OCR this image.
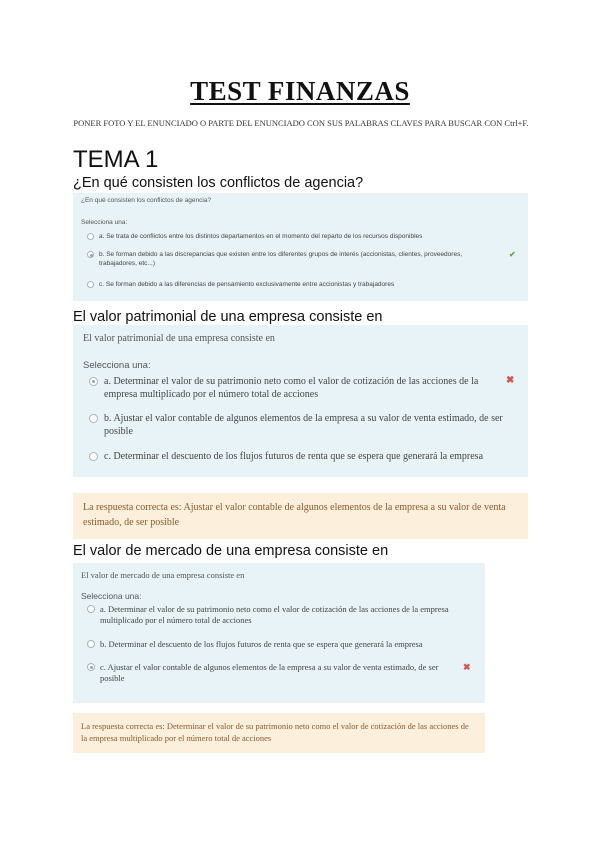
TEST FINANZAS
PONER FOTO Y EL ENUNCIADO O PARTE DEL ENUNCIADO CON SUS PALABRAS CLAVES PARA BUSCAR CON Ctrl+F.
TEMA 1
¿En qué consisten los conflictos de agencia?
¿En qué consisten los conflictos de agencia?
Selecciona una:
a. Se trata de conflictos entre los distintos departamentos en el momento del reparto de los recursos disponibles
b. Se forman debido a las discrepancias que existen entre los diferentes grupos de interés (accionistas, clientes, proveedores, trabajadores, etc...)
✔
c. Se forman debido a las diferencias de pensamiento exclusivamente entre accionistas y trabajadores
El valor patrimonial de una empresa consiste en
El valor patrimonial de una empresa consiste en
Selecciona una:
a. Determinar el valor de su patrimonio neto como el valor de cotización de las acciones de la empresa multiplicado por el número total de acciones
✖
b. Ajustar el valor contable de algunos elementos de la empresa a su valor de venta estimado, de ser posible
c. Determinar el descuento de los flujos futuros de renta que se espera que generará la empresa
La respuesta correcta es: Ajustar el valor contable de algunos elementos de la empresa a su valor de venta estimado, de ser posible
El valor de mercado de una empresa consiste en
El valor de mercado de una empresa consiste en
Selecciona una:
a. Determinar el valor de su patrimonio neto como el valor de cotización de las acciones de la empresa multiplicado por el número total de acciones
b. Determinar el descuento de los flujos futuros de renta que se espera que generará la empresa
c. Ajustar el valor contable de algunos elementos de la empresa a su valor de venta estimado, de ser posible
✖
La respuesta correcta es: Determinar el valor de su patrimonio neto como el valor de cotización de las acciones de la empresa multiplicado por el número total de acciones
